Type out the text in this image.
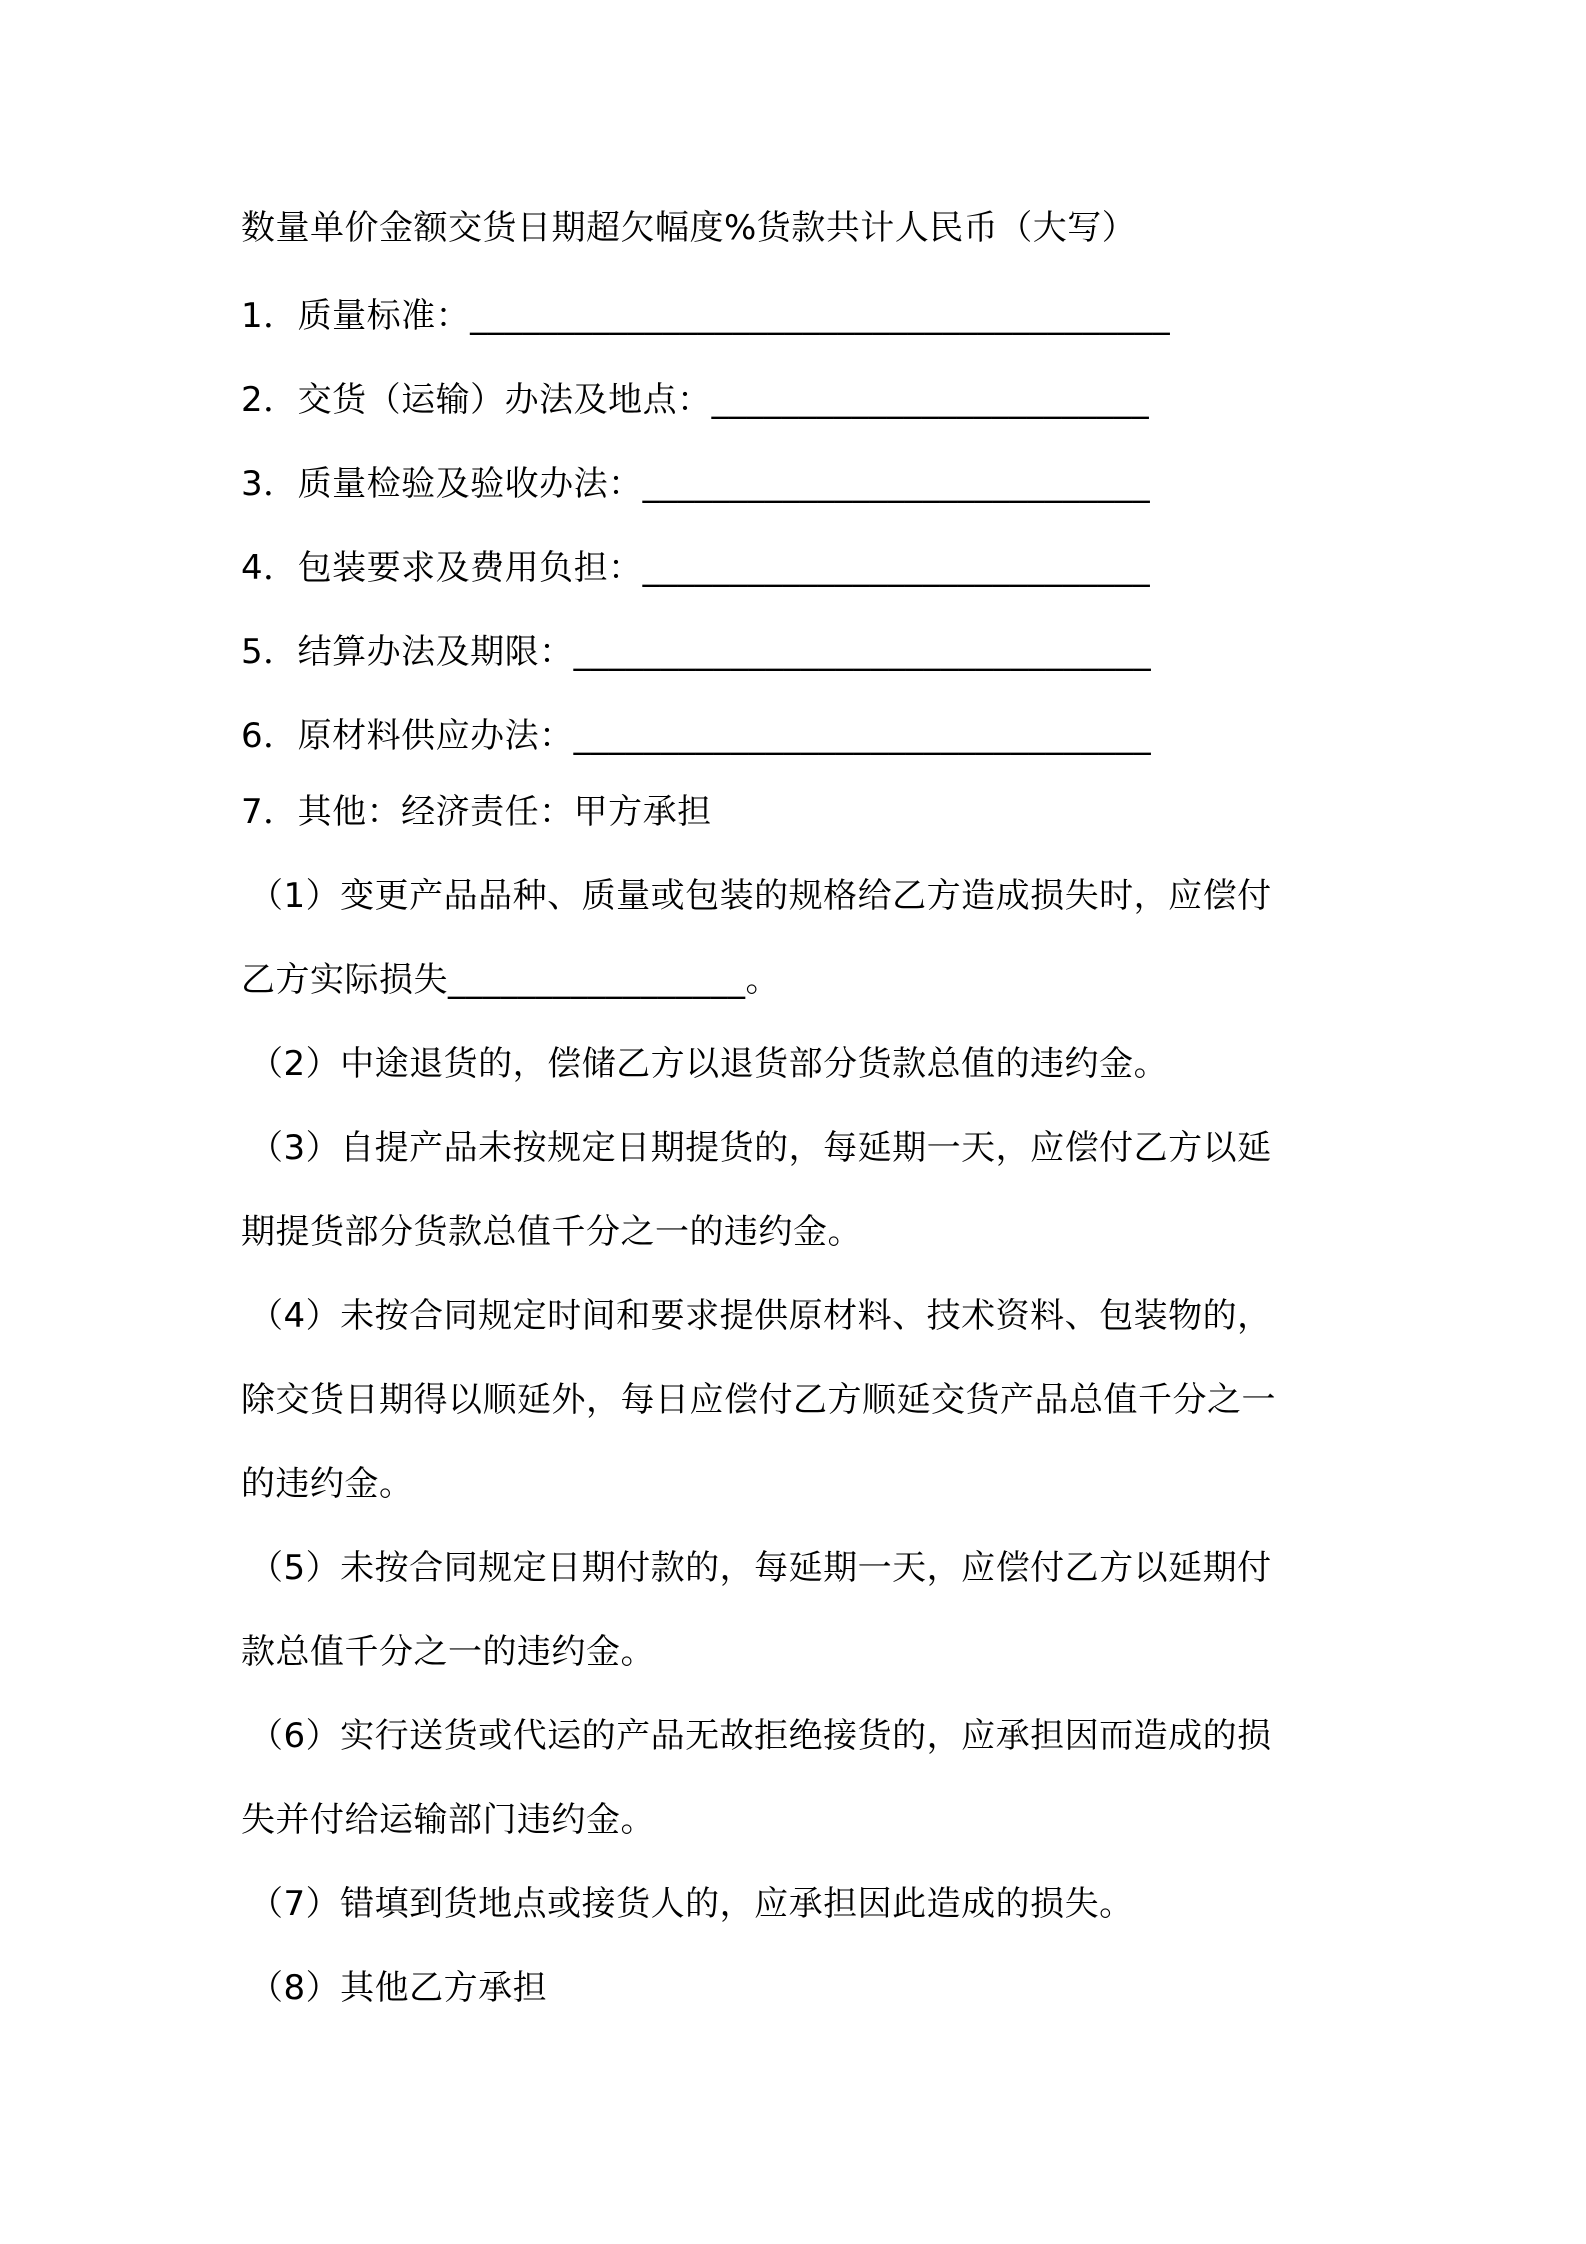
数量单价金额交货日期超欠幅度%货款共计人民币（大写）
1．质量标准：________________________________________
2．交货（运输）办法及地点：_________________________
3．质量检验及验收办法：_____________________________
4．包装要求及费用负担：_____________________________
5．结算办法及期限：_________________________________
6．原材料供应办法：_________________________________
7．其他：经济责任：甲方承担
（1）变更产品品种、质量或包装的规格给乙方造成损失时，应偿付
乙方实际损失_________________。
（2）中途退货的，偿储乙方以退货部分货款总值的违约金。
（3）自提产品未按规定日期提货的，每延期一天，应偿付乙方以延
期提货部分货款总值千分之一的违约金。
（4）未按合同规定时间和要求提供原材料、技术资料、包装物的，
除交货日期得以顺延外，每日应偿付乙方顺延交货产品总值千分之一
的违约金。
（5）未按合同规定日期付款的，每延期一天，应偿付乙方以延期付
款总值千分之一的违约金。
（6）实行送货或代运的产品无故拒绝接货的，应承担因而造成的损
失并付给运输部门违约金。
（7）错填到货地点或接货人的，应承担因此造成的损失。
（8）其他乙方承担
